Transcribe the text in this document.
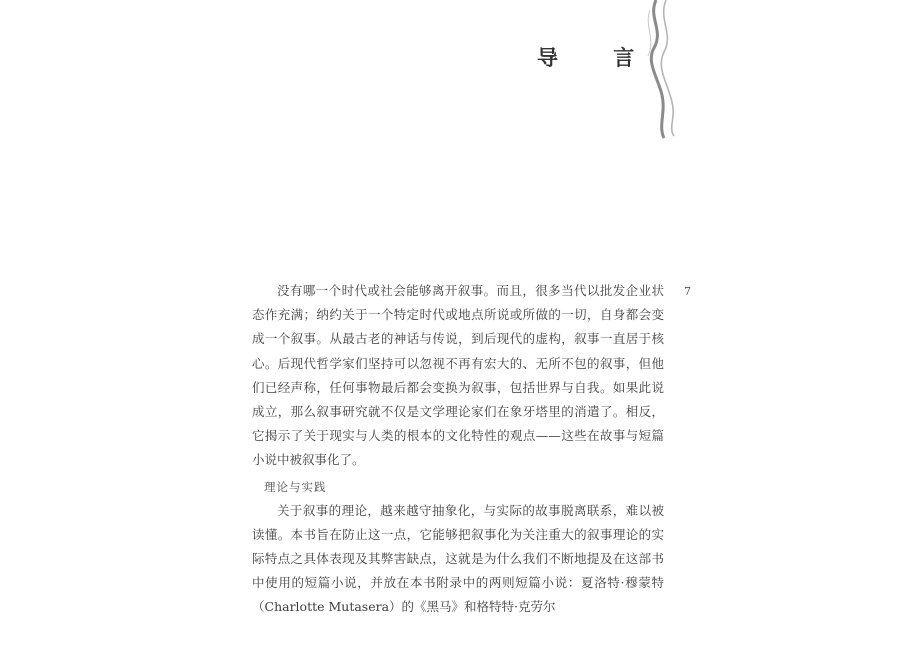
导 言
7

没有哪一个时代或社会能够离开叙事。而且，很多当代以批发企业状态作充满；纳约关于一个特定时代或地点所说或所做的一切，自身都会变成一个叙事。从最古老的神话与传说，到后现代的虚构，叙事一直居于核心。后现代哲学家们坚持可以忽视不再有宏大的、无所不包的叙事，但他们已经声称，任何事物最后都会变换为叙事，包括世界与自我。如果此说成立，那么叙事研究就不仅是文学理论家们在象牙塔里的消遣了。相反，它揭示了关于现实与人类的根本的文化特性的观点——这些在故事与短篇小说中被叙事化了。

理论与实践

关于叙事的理论，越来越守抽象化，与实际的故事脱离联系，难以被读懂。本书旨在防止这一点，它能够把叙事化为关注重大的叙事理论的实际特点之具体表现及其弊害缺点，这就是为什么我们不断地提及在这部书中使用的短篇小说，并放在本书附录中的两则短篇小说：夏洛特·穆蒙特（Charlotte Mutasera）的《黑马》和格特特·克劳尔
